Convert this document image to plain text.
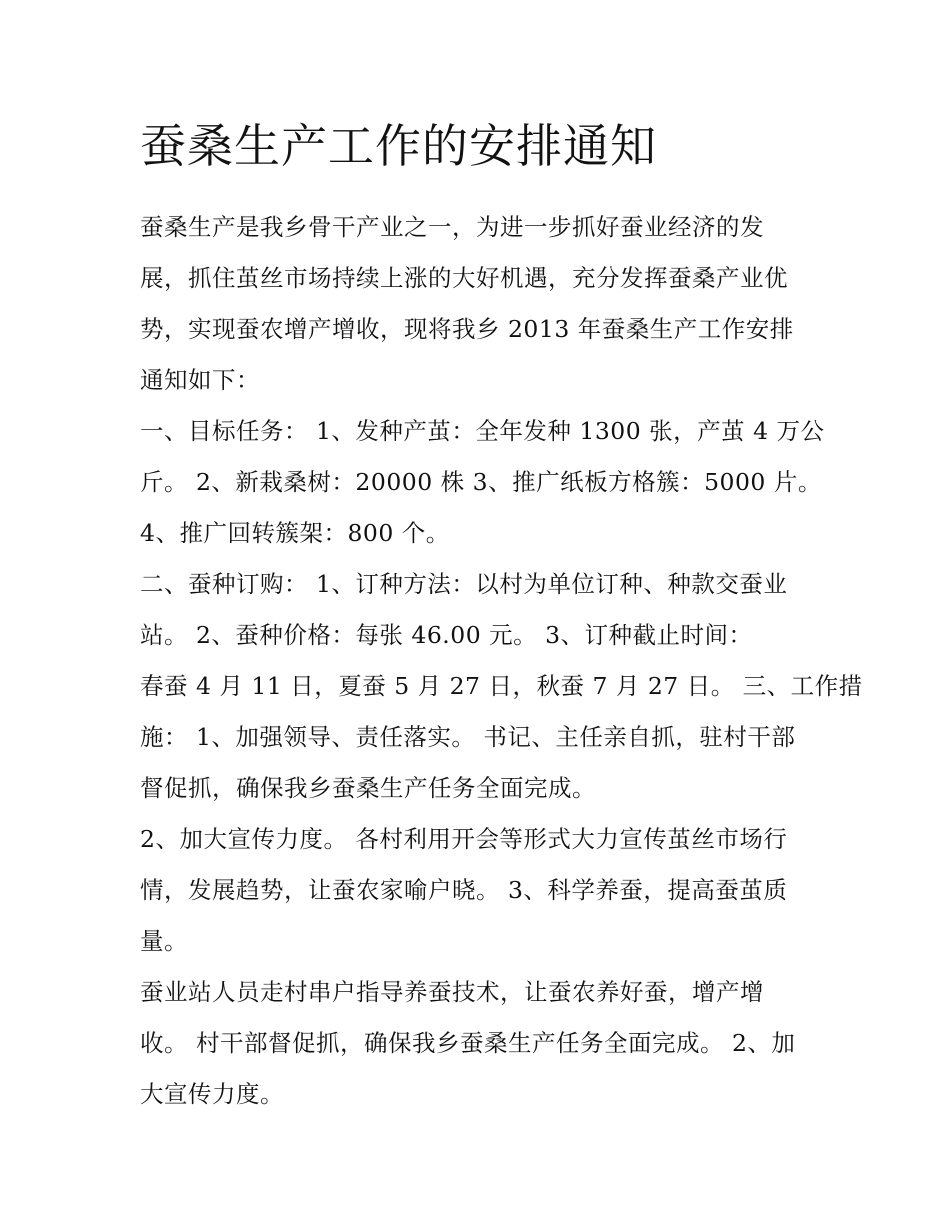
蚕桑生产工作的安排通知
蚕桑生产是我乡骨干产业之一，为进一步抓好蚕业经济的发
展，抓住茧丝市场持续上涨的大好机遇，充分发挥蚕桑产业优
势，实现蚕农增产增收，现将我乡 2013 年蚕桑生产工作安排
通知如下：
一、目标任务： 1、发种产茧：全年发种 1300 张，产茧 4 万公
斤。 2、新栽桑树：20000 株 3、推广纸板方格簇：5000 片。
4、推广回转簇架：800 个。
二、蚕种订购： 1、订种方法：以村为单位订种、种款交蚕业
站。 2、蚕种价格：每张 46.00 元。 3、订种截止时间：
春蚕 4 月 11 日，夏蚕 5 月 27 日，秋蚕 7 月 27 日。 三、工作措
施： 1、加强领导、责任落实。 书记、主任亲自抓，驻村干部
督促抓，确保我乡蚕桑生产任务全面完成。
2、加大宣传力度。 各村利用开会等形式大力宣传茧丝市场行
情，发展趋势，让蚕农家喻户晓。 3、科学养蚕，提高蚕茧质
量。
蚕业站人员走村串户指导养蚕技术，让蚕农养好蚕，增产增
收。 村干部督促抓，确保我乡蚕桑生产任务全面完成。 2、加
大宣传力度。
